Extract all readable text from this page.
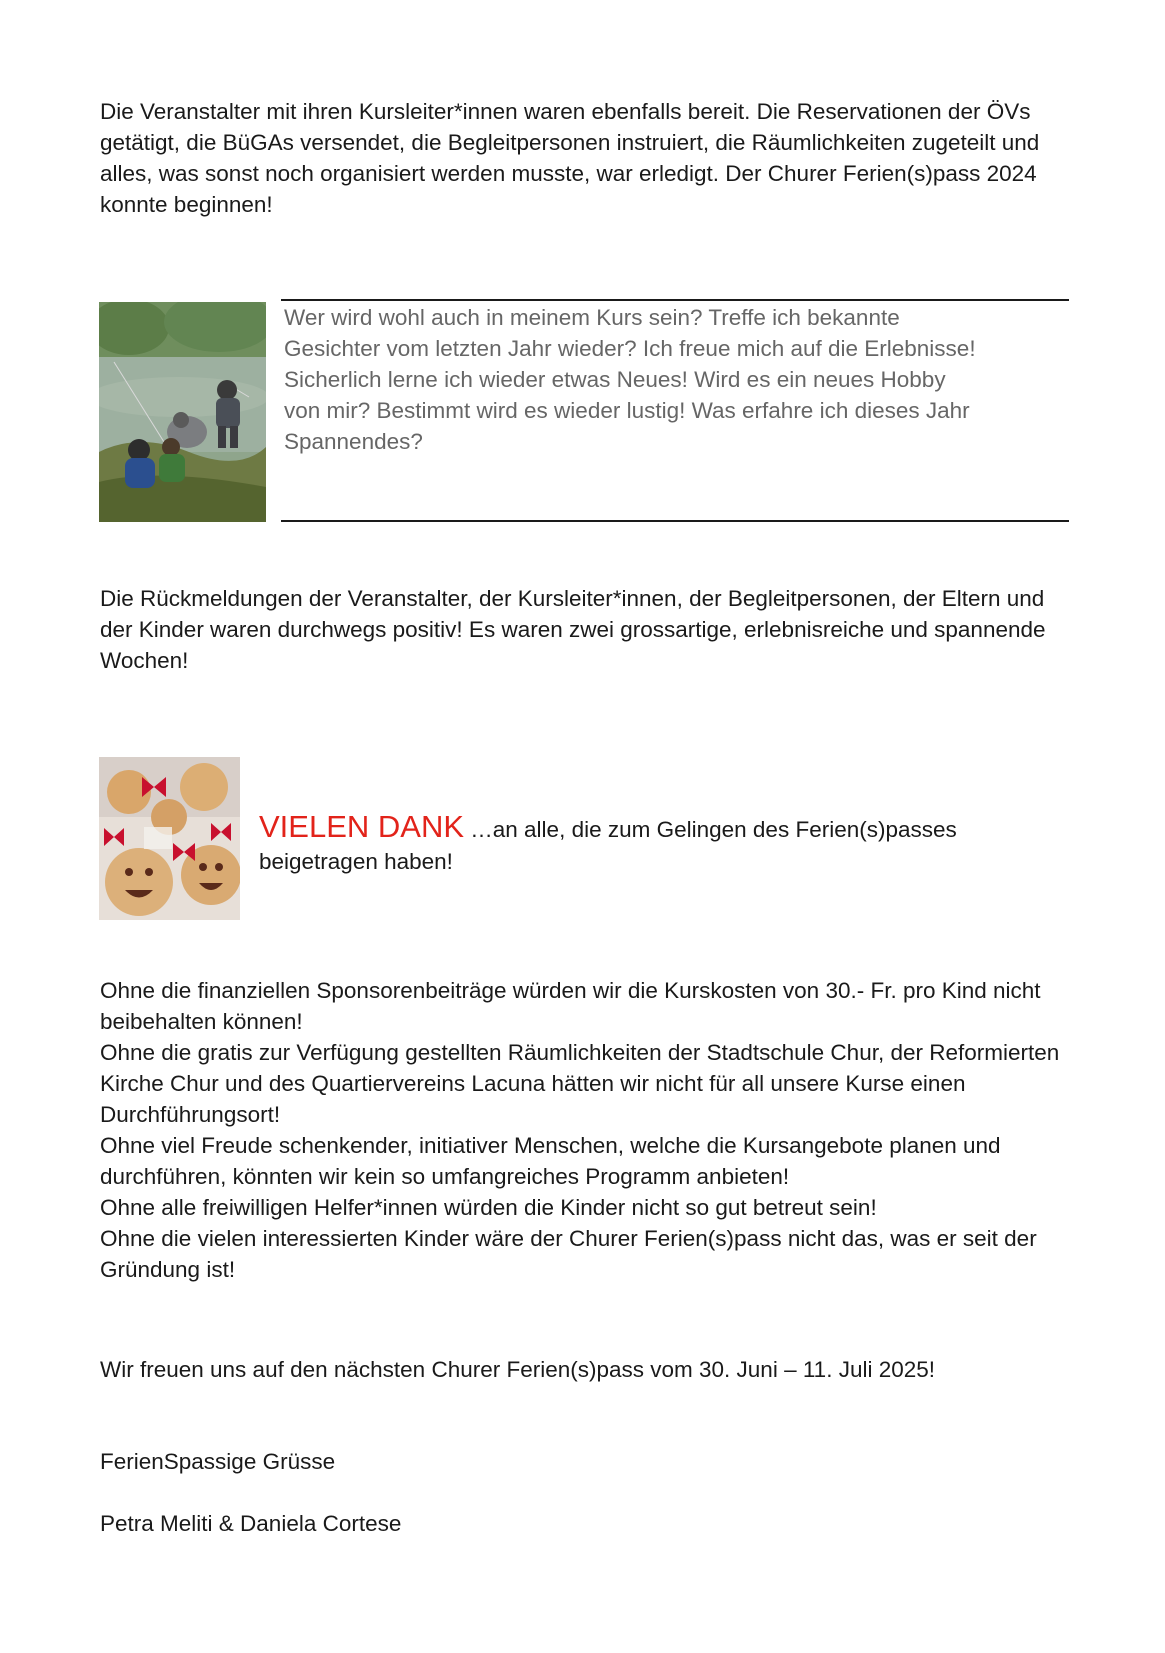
Die Veranstalter mit ihren Kursleiter*innen waren ebenfalls bereit. Die Reservationen der ÖVs getätigt, die BüGAs versendet, die Begleitpersonen instruiert, die Räumlichkeiten zugeteilt und alles, was sonst noch organisiert werden musste, war erledigt. Der Churer Ferien(s)pass 2024 konnte beginnen!

Wer wird wohl auch in meinem Kurs sein? Treffe ich bekannte Gesichter vom letzten Jahr wieder? Ich freue mich auf die Erlebnisse! Sicherlich lerne ich wieder etwas Neues! Wird es ein neues Hobby von mir? Bestimmt wird es wieder lustig! Was erfahre ich dieses Jahr Spannendes?

Die Rückmeldungen der Veranstalter, der Kursleiter*innen, der Begleitpersonen, der Eltern und der Kinder waren durchwegs positiv! Es waren zwei grossartige, erlebnisreiche und spannende Wochen!

VIELEN DANK …an alle, die zum Gelingen des Ferien(s)passes beigetragen haben!

Ohne die finanziellen Sponsorenbeiträge würden wir die Kurskosten von 30.- Fr. pro Kind nicht beibehalten können!
Ohne die gratis zur Verfügung gestellten Räumlichkeiten der Stadtschule Chur, der Reformierten Kirche Chur und des Quartiervereins Lacuna hätten wir nicht für all unsere Kurse einen Durchführungsort!
Ohne viel Freude schenkender, initiativer Menschen, welche die Kursangebote planen und durchführen, könnten wir kein so umfangreiches Programm anbieten!
Ohne alle freiwilligen Helfer*innen würden die Kinder nicht so gut betreut sein!
Ohne die vielen interessierten Kinder wäre der Churer Ferien(s)pass nicht das, was er seit der Gründung ist!

Wir freuen uns auf den nächsten Churer Ferien(s)pass vom 30. Juni – 11. Juli 2025!

FerienSpassige Grüsse

Petra Meliti & Daniela Cortese
